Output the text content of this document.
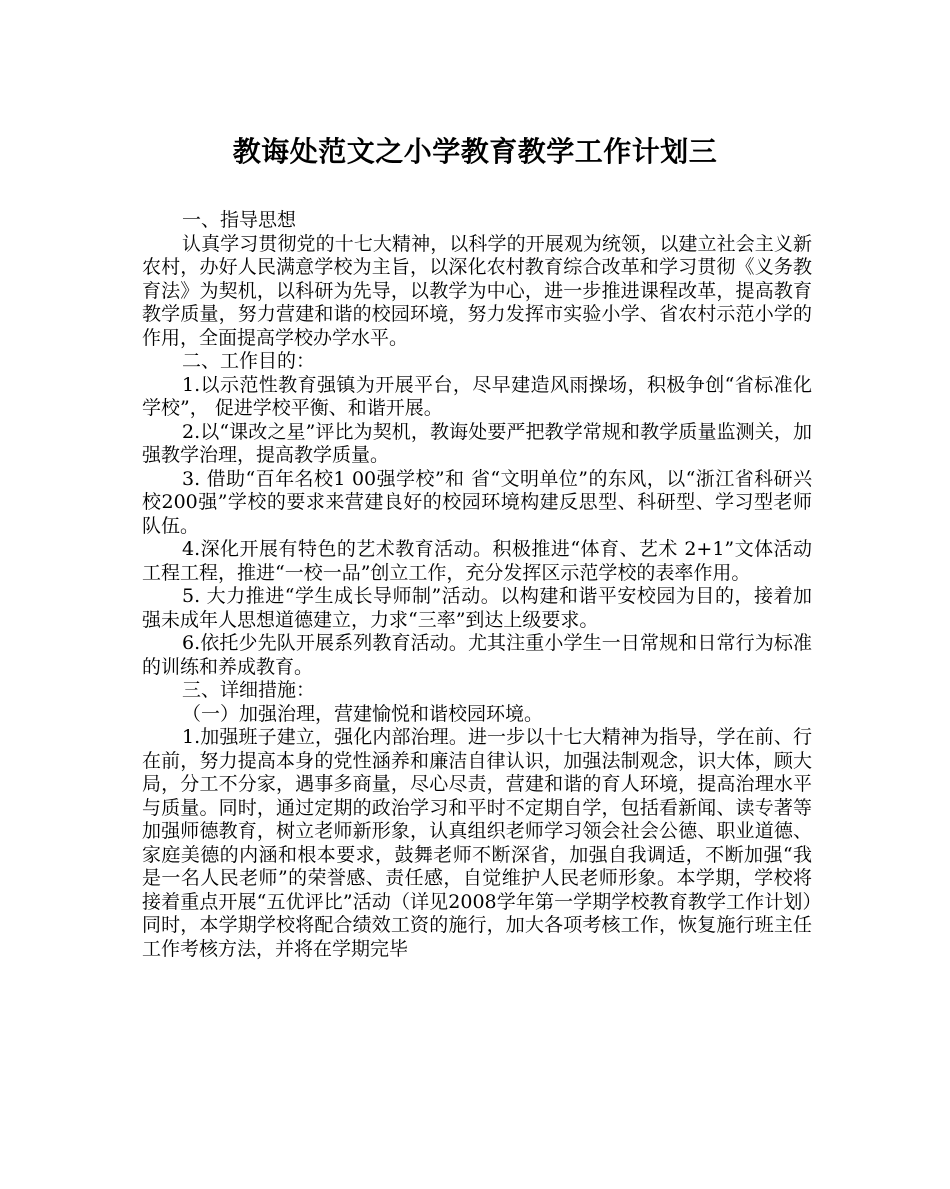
教诲处范文之小学教育教学工作计划三

一、指导思想

认真学习贯彻党的十七大精神，以科学的开展观为统领，以建立社会主义新农村，办好人民满意学校为主旨，以深化农村教育综合改革和学习贯彻《义务教育法》为契机，以科研为先导，以教学为中心，进一步推进课程改革，提高教育教学质量，努力营建和谐的校园环境，努力发挥市实验小学、省农村示范小学的作用，全面提高学校办学水平。

二、工作目的：

1.以示范性教育强镇为开展平台，尽早建造风雨操场，积极争创“省标准化学校”， 促进学校平衡、和谐开展。

2.以“课改之星”评比为契机，教诲处要严把教学常规和教学质量监测关，加强教学治理，提高教学质量。

3. 借助“百年名校1 00强学校”和 省“文明单位”的东风，以“浙江省科研兴校200强”学校的要求来营建良好的校园环境构建反思型、科研型、学习型老师队伍。

4.深化开展有特色的艺术教育活动。积极推进“体育、艺术 2+1”文体活动工程工程，推进“一校一品”创立工作，充分发挥区示范学校的表率作用。

5. 大力推进“学生成长导师制”活动。以构建和谐平安校园为目的，接着加强未成年人思想道德建立，力求“三率”到达上级要求。

6.依托少先队开展系列教育活动。尤其注重小学生一日常规和日常行为标准的训练和养成教育。

三、详细措施：

（一）加强治理，营建愉悦和谐校园环境。

1.加强班子建立，强化内部治理。进一步以十七大精神为指导，学在前、行在前，努力提高本身的党性涵养和廉洁自律认识，加强法制观念，识大体，顾大局，分工不分家，遇事多商量，尽心尽责，营建和谐的育人环境，提高治理水平与质量。同时，通过定期的政治学习和平时不定期自学，包括看新闻、读专著等加强师德教育，树立老师新形象，认真组织老师学习领会社会公德、职业道德、家庭美德的内涵和根本要求，鼓舞老师不断深省，加强自我调适，不断加强“我是一名人民老师”的荣誉感、责任感，自觉维护人民老师形象。本学期，学校将接着重点开展“五优评比”活动（详见2008学年第一学期学校教育教学工作计划）同时，本学期学校将配合绩效工资的施行，加大各项考核工作，恢复施行班主任工作考核方法，并将在学期完毕
